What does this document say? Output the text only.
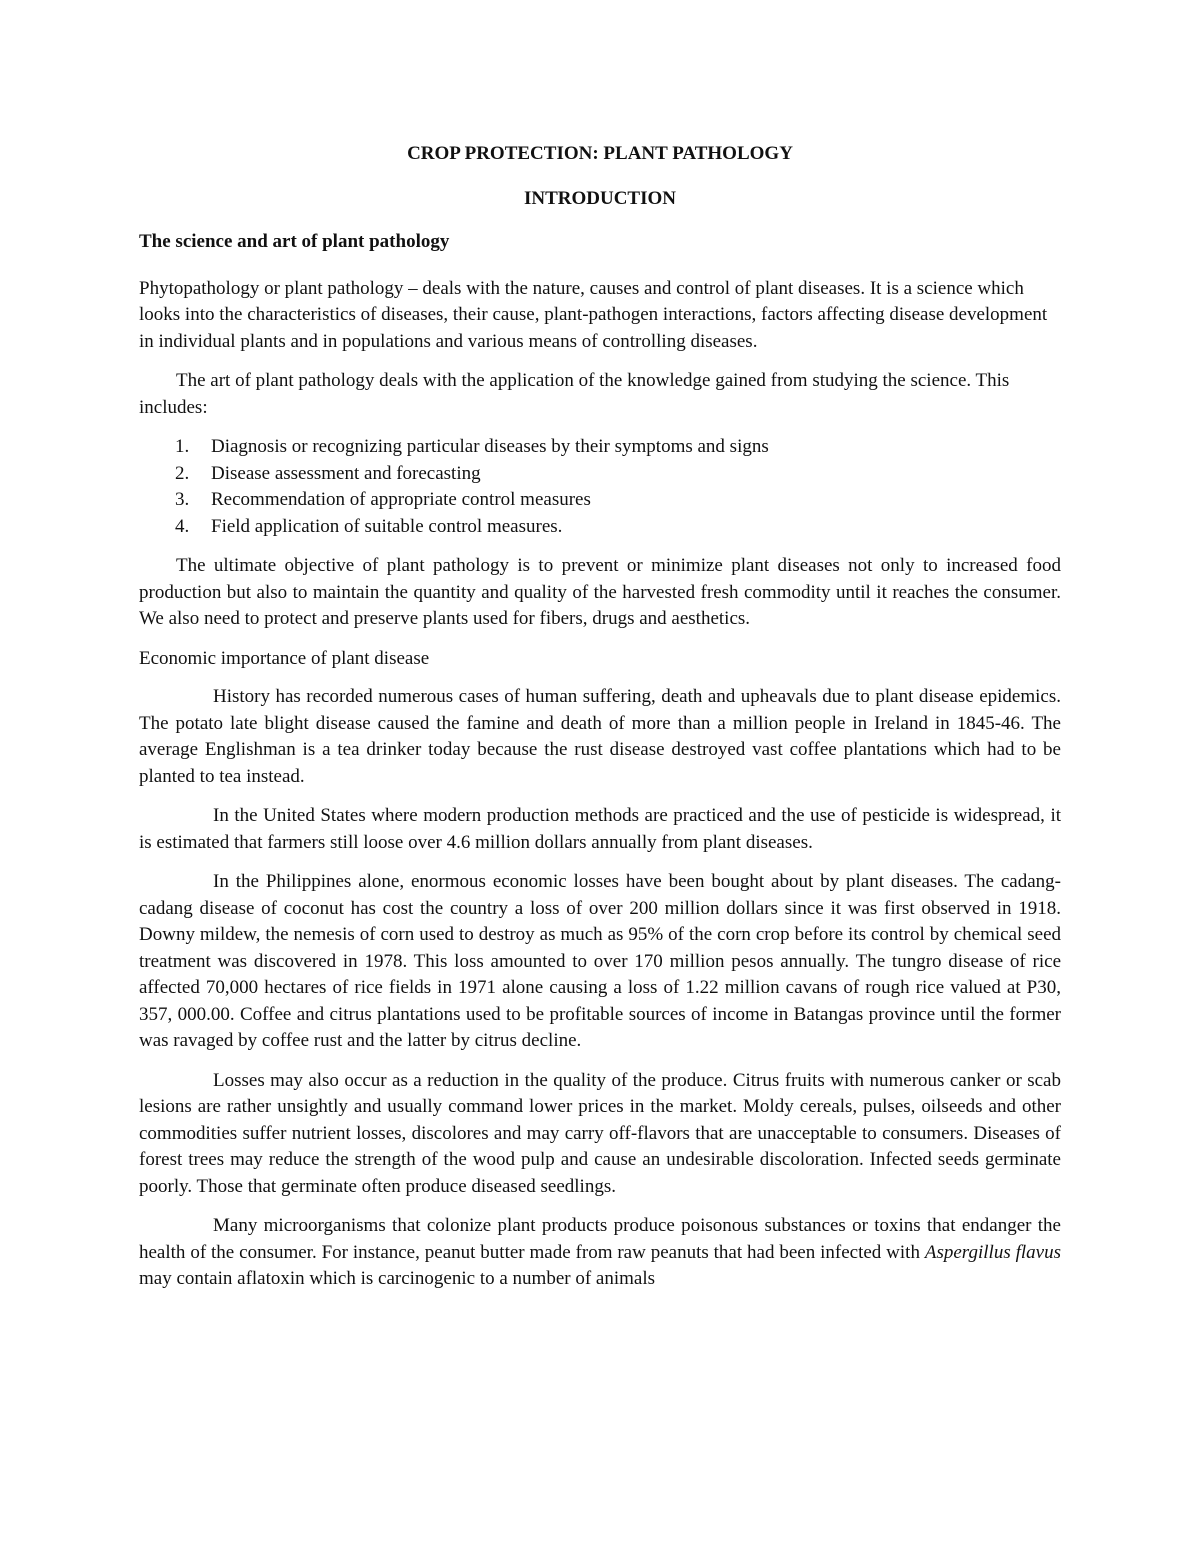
CROP PROTECTION: PLANT PATHOLOGY
INTRODUCTION
The science and art of plant pathology

Phytopathology or plant pathology – deals with the nature, causes and control of plant diseases. It is a science which looks into the characteristics of diseases, their cause, plant-pathogen interactions, factors affecting disease development in individual plants and in populations and various means of controlling diseases.

The art of plant pathology deals with the application of the knowledge gained from studying the science. This includes:

1. Diagnosis or recognizing particular diseases by their symptoms and signs
2. Disease assessment and forecasting
3. Recommendation of appropriate control measures
4. Field application of suitable control measures.

The ultimate objective of plant pathology is to prevent or minimize plant diseases not only to increased food production but also to maintain the quantity and quality of the harvested fresh commodity until it reaches the consumer. We also need to protect and preserve plants used for fibers, drugs and aesthetics.

Economic importance of plant disease

History has recorded numerous cases of human suffering, death and upheavals due to plant disease epidemics. The potato late blight disease caused the famine and death of more than a million people in Ireland in 1845-46. The average Englishman is a tea drinker today because the rust disease destroyed vast coffee plantations which had to be planted to tea instead.

In the United States where modern production methods are practiced and the use of pesticide is widespread, it is estimated that farmers still loose over 4.6 million dollars annually from plant diseases.

In the Philippines alone, enormous economic losses have been bought about by plant diseases. The cadang-cadang disease of coconut has cost the country a loss of over 200 million dollars since it was first observed in 1918. Downy mildew, the nemesis of corn used to destroy as much as 95% of the corn crop before its control by chemical seed treatment was discovered in 1978. This loss amounted to over 170 million pesos annually. The tungro disease of rice affected 70,000 hectares of rice fields in 1971 alone causing a loss of 1.22 million cavans of rough rice valued at P30, 357, 000.00. Coffee and citrus plantations used to be profitable sources of income in Batangas province until the former was ravaged by coffee rust and the latter by citrus decline.

Losses may also occur as a reduction in the quality of the produce. Citrus fruits with numerous canker or scab lesions are rather unsightly and usually command lower prices in the market. Moldy cereals, pulses, oilseeds and other commodities suffer nutrient losses, discolores and may carry off-flavors that are unacceptable to consumers. Diseases of forest trees may reduce the strength of the wood pulp and cause an undesirable discoloration. Infected seeds germinate poorly. Those that germinate often produce diseased seedlings.

Many microorganisms that colonize plant products produce poisonous substances or toxins that endanger the health of the consumer. For instance, peanut butter made from raw peanuts that had been infected with Aspergillus flavus may contain aflatoxin which is carcinogenic to a number of animals
